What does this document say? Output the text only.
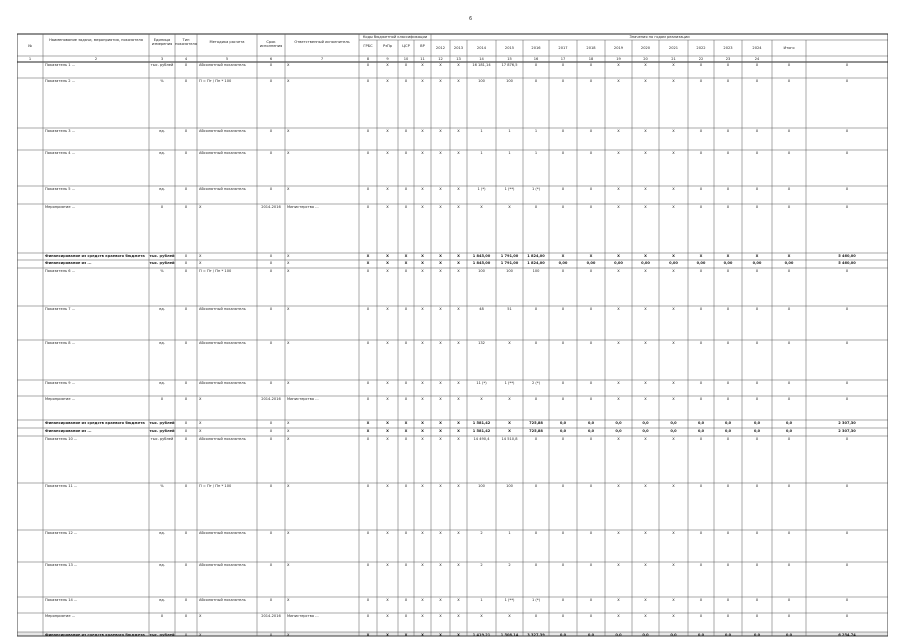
6
№
Наименование задачи, мероприятия, показателя	Единица измерения
Тип показателя
Методика расчета	Срок исполнения
Ответственный исполнитель
Коды бюджетной классификации	Значения по годам реализации
ГРБС	РзПр	ЦСР	ВР	2012	2013	2014	2015	2016	2017	2018	2019	2020	2021	2022	2023	2024	Итого
1	2	3	4	5	6	7	8	9	10	11	12	13	14	15	16	17	18	19	20	21	22	23	24
Показатель 1 ...	тыс. рублей	X	Абсолютный показатель	X	X	X	X	X	X	X	X	16 181,14	17 876,5	X	X	X	X	X	X	X	X	X	X	X
Показатель 2 ...	%	X	П = Пт / Пп * 100	X	X	X	X	X	X	X	X	100	100	X	X	X	X	X	X	X	X	X	X	X
Показатель 3 ...	ед.	X	Абсолютный показатель	X	X	X	X	X	X	X	X	1	1	1	X	X	X	X	X	X	X	X	X	X
Показатель 4 ...	ед.	X	Абсолютный показатель	X	X	X	X	X	X	X	X	1	1	1	X	X	X	X	X	X	X	X	X	X
Показатель 5 ...	ед.	X	Абсолютный показатель	X	X	X	X	X	X	X	X	1 (*)	1 (**)	1 (*)	X	X	X	X	X	X	X	X	X	X
Мероприятие ...	X	X	X	2014-2016	Министерство ...	X	X	X	X	X	X	X	X	X	X	X	X	X	X	X	X	X	X	X
Финансирование из средств краевого бюджета	тыс. рублей	X	X	X	X	X	X	X	X	X	X	1 845,00	1 791,00	1 824,00	X	X	X	X	X	X	X	X	X	5 460,00
Финансирование из ...	тыс. рублей	X	X	X	X	X	X	X	X	X	X	1 845,00	1 791,00	1 824,00	0,00	0,00	0,00	0,00	0,00	0,00	0,00	0,00	0,00	5 460,00
Показатель 6 ...	%	X	П = Пт / Пп * 100	X	X	X	X	X	X	X	X	100	100	100	X	X	X	X	X	X	X	X	X	X
Показатель 7 ...	ед.	X	Абсолютный показатель	X	X	X	X	X	X	X	X	48	51	X	X	X	X	X	X	X	X	X	X	X
Показатель 8 ...	ед.	X	Абсолютный показатель	X	X	X	X	X	X	X	X	132	X	X	X	X	X	X	X	X	X	X	X	X
Показатель 9 ...	ед.	X	Абсолютный показатель	X	X	X	X	X	X	X	X	11 (*)	1 (**)	2 (*)	X	X	X	X	X	X	X	X	X	X
Мероприятие ...	X	X	X	2014-2016	Министерство ...	X	X	X	X	X	X	X	X	X	X	X	X	X	X	X	X	X	X	X
Финансирование из средств краевого бюджета	тыс. рублей	X	X	X	X	X	X	X	X	X	X	1 581,42	X	725,88	0,0	0,0	0,0	0,0	0,0	0,0	0,0	0,0	0,0	2 307,30
Финансирование из ...	тыс. рублей	X	X	X	X	X	X	X	X	X	X	1 581,42	X	725,88	0,0	0,0	0,0	0,0	0,0	0,0	0,0	0,0	0,0	2 307,30
Показатель 10 ...	тыс. рублей	X	Абсолютный показатель	X	X	X	X	X	X	X	X	14 490,4	14 510,8	X	X	X	X	X	X	X	X	X	X	X
Показатель 11 ...	%	X	П = Пт / Пп * 100	X	X	X	X	X	X	X	X	100	100	X	X	X	X	X	X	X	X	X	X	X
Показатель 12 ...	ед.	X	Абсолютный показатель	X	X	X	X	X	X	X	X	2	1	X	X	X	X	X	X	X	X	X	X	X
Показатель 13 ...	ед.	X	Абсолютный показатель	X	X	X	X	X	X	X	X	2	2	X	X	X	X	X	X	X	X	X	X	X
Показатель 14 ...	ед.	X	Абсолютный показатель	X	X	X	X	X	X	X	X	1	1 (**)	1 (*)	X	X	X	X	X	X	X	X	X	X
Мероприятие ...	X	X	X	2014-2016	Министерство ...	X	X	X	X	X	X	X	X	X	X	X	X	X	X	X	X	X	X	X
Финансирование из средств краевого бюджета	тыс. рублей	X	X	X	X	X	X	X	X	X	X	1 419,21	1 508,14	3 327,39	0,0	0,0	0,0	0,0	0,0	0,0	0,0	0,0	0,0	6 254,74
